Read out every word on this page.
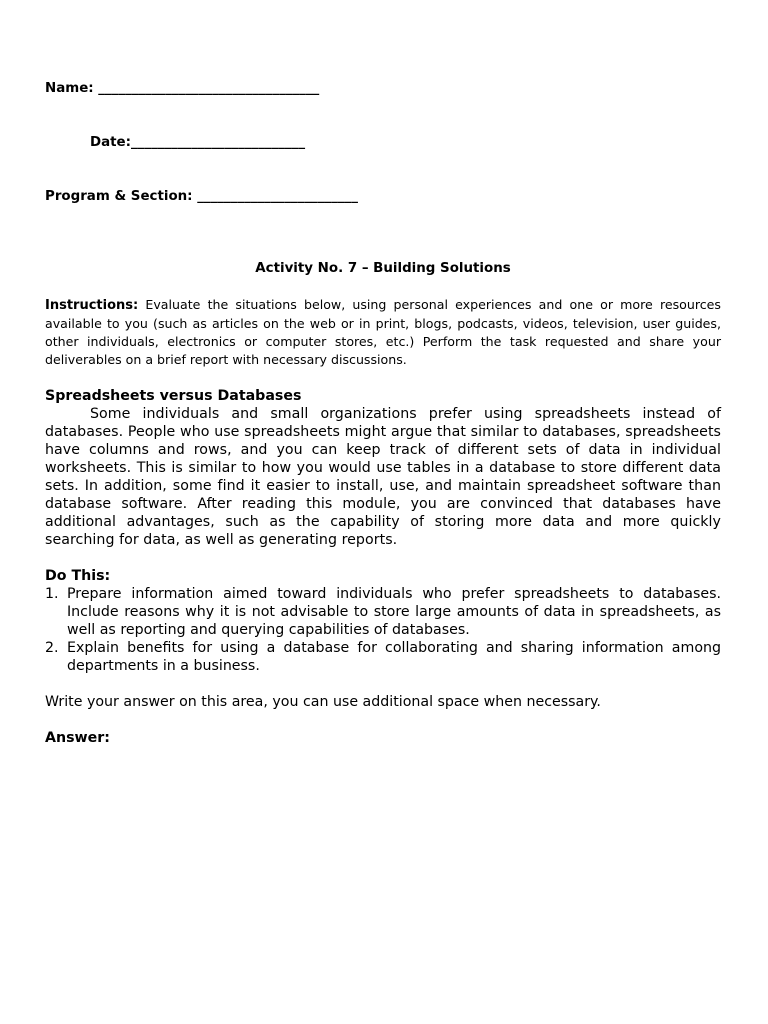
Name: _________________________________

Date:__________________________

Program & Section: ________________________

Activity No. 7 – Building Solutions
Instructions: Evaluate the situations below, using personal experiences and one or more resources available to you (such as articles on the web or in print, blogs, podcasts, videos, television, user guides, other individuals, electronics or computer stores, etc.) Perform the task requested and share your deliverables on a brief report with necessary discussions.
Spreadsheets versus Databases
Some individuals and small organizations prefer using spreadsheets instead of databases. People who use spreadsheets might argue that similar to databases, spreadsheets have columns and rows, and you can keep track of different sets of data in individual worksheets. This is similar to how you would use tables in a database to store different data sets. In addition, some find it easier to install, use, and maintain spreadsheet software than database software. After reading this module, you are convinced that databases have additional advantages, such as the capability of storing more data and more quickly searching for data, as well as generating reports.
Do This:
1. Prepare information aimed toward individuals who prefer spreadsheets to databases. Include reasons why it is not advisable to store large amounts of data in spreadsheets, as well as reporting and querying capabilities of databases.
2. Explain benefits for using a database for collaborating and sharing information among departments in a business.
Write your answer on this area, you can use additional space when necessary.
Answer:
